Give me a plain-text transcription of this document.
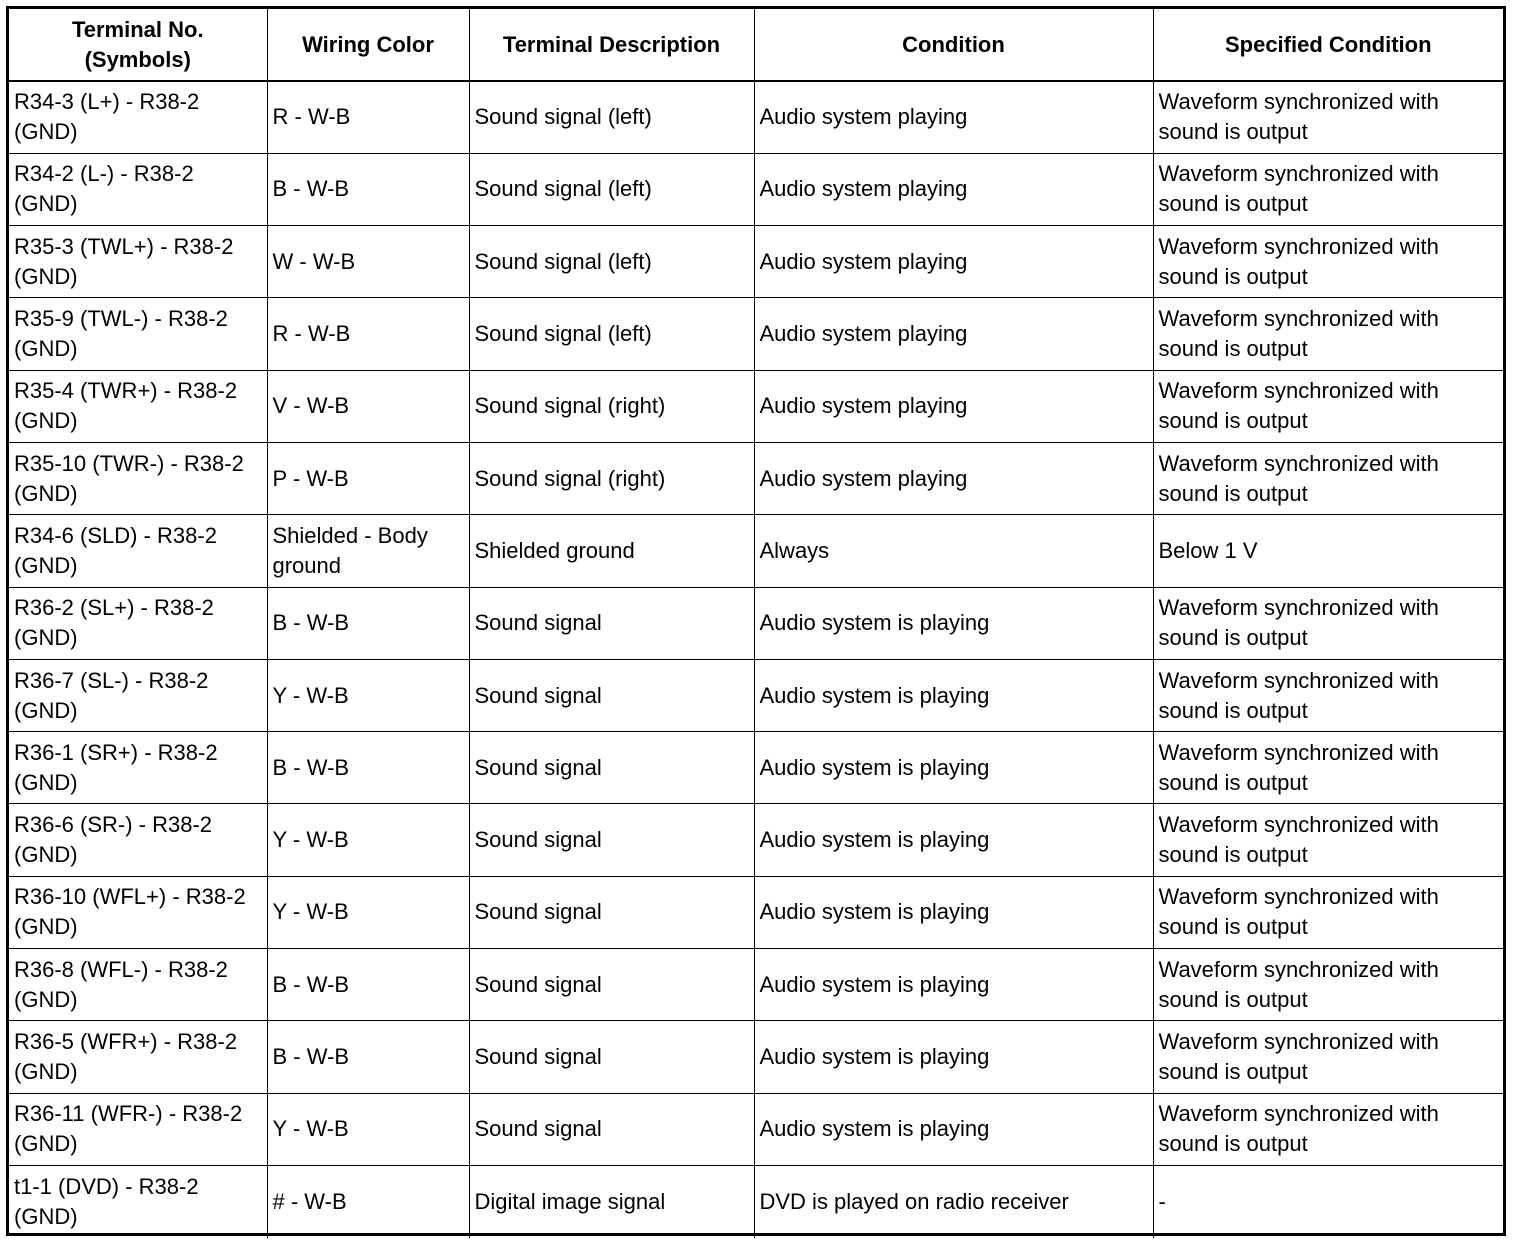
Terminal No.
(Symbols)	Wiring Color	Terminal Description	Condition	Specified Condition
R34-3 (L+) - R38-2 (GND)	R - W-B	Sound signal (left)	Audio system playing	Waveform synchronized with sound is output
R34-2 (L-) - R38-2 (GND)	B - W-B	Sound signal (left)	Audio system playing	Waveform synchronized with sound is output
R35-3 (TWL+) - R38-2 (GND)	W - W-B	Sound signal (left)	Audio system playing	Waveform synchronized with sound is output
R35-9 (TWL-) - R38-2 (GND)	R - W-B	Sound signal (left)	Audio system playing	Waveform synchronized with sound is output
R35-4 (TWR+) - R38-2 (GND)	V - W-B	Sound signal (right)	Audio system playing	Waveform synchronized with sound is output
R35-10 (TWR-) - R38-2 (GND)	P - W-B	Sound signal (right)	Audio system playing	Waveform synchronized with sound is output
R34-6 (SLD) - R38-2 (GND)	Shielded - Body ground	Shielded ground	Always	Below 1 V
R36-2 (SL+) - R38-2 (GND)	B - W-B	Sound signal	Audio system is playing	Waveform synchronized with sound is output
R36-7 (SL-) - R38-2 (GND)	Y - W-B	Sound signal	Audio system is playing	Waveform synchronized with sound is output
R36-1 (SR+) - R38-2 (GND)	B - W-B	Sound signal	Audio system is playing	Waveform synchronized with sound is output
R36-6 (SR-) - R38-2 (GND)	Y - W-B	Sound signal	Audio system is playing	Waveform synchronized with sound is output
R36-10 (WFL+) - R38-2 (GND)	Y - W-B	Sound signal	Audio system is playing	Waveform synchronized with sound is output
R36-8 (WFL-) - R38-2 (GND)	B - W-B	Sound signal	Audio system is playing	Waveform synchronized with sound is output
R36-5 (WFR+) - R38-2 (GND)	B - W-B	Sound signal	Audio system is playing	Waveform synchronized with sound is output
R36-11 (WFR-) - R38-2 (GND)	Y - W-B	Sound signal	Audio system is playing	Waveform synchronized with sound is output
t1-1 (DVD) - R38-2 (GND)	# - W-B	Digital image signal	DVD is played on radio receiver	-
